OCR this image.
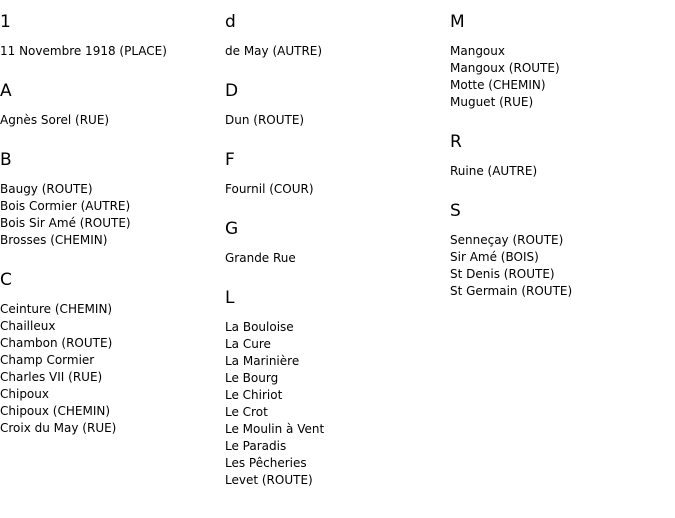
1
11 Novembre 1918 (PLACE)
A
Agnès Sorel (RUE)
B
Baugy (ROUTE)
Bois Cormier (AUTRE)
Bois Sir Amé (ROUTE)
Brosses (CHEMIN)
C
Ceinture (CHEMIN)
Chailleux
Chambon (ROUTE)
Champ Cormier
Charles VII (RUE)
Chipoux
Chipoux (CHEMIN)
Croix du May (RUE)
d
de May (AUTRE)
D
Dun (ROUTE)
F
Fournil (COUR)
G
Grande Rue
L
La Bouloise
La Cure
La Marinière
Le Bourg
Le Chiriot
Le Crot
Le Moulin à Vent
Le Paradis
Les Pêcheries
Levet (ROUTE)
M
Mangoux
Mangoux (ROUTE)
Motte (CHEMIN)
Muguet (RUE)
R
Ruine (AUTRE)
S
Senneçay (ROUTE)
Sir Amé (BOIS)
St Denis (ROUTE)
St Germain (ROUTE)
